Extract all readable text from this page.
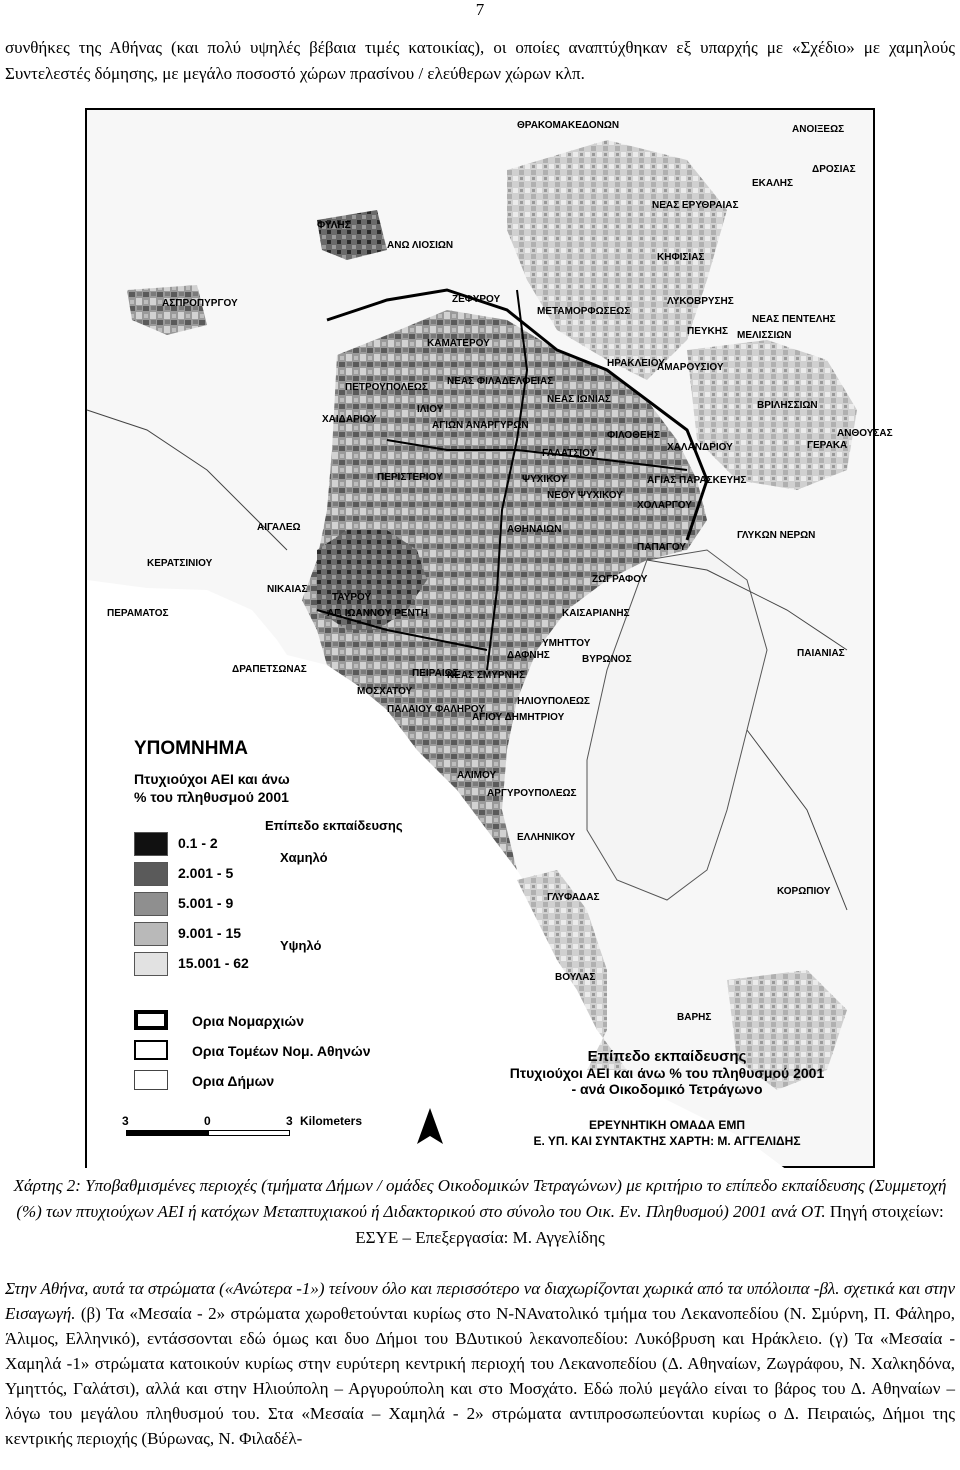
7
συνθήκες της Αθήνας (και πολύ υψηλές βέβαια τιμές κατοικίας), οι οποίες αναπτύχθηκαν εξ υπαρχής με «Σχέδιο» με χαμηλούς Συντελεστές δόμησης, με μεγάλο ποσοστό χώρων πρασίνου / ελεύθερων χώρων κλπ.
ΘΡΑΚΟΜΑΚΕΔΟΝΩΝ	ΑΝΟΙΞΕΩΣ
ΔΡΟΣΙΑΣ
ΕΚΑΛΗΣ
ΝΕΑΣ ΕΡΥΘΡΑΙΑΣ
ΦΥΛΗΣ
ΑΝΩ ΛΙΟΣΙΩΝ
ΚΗΦΙΣΙΑΣ
ΑΣΠΡΟΠΥΡΓΟΥ	ΖΕΦΥΡΟΥ	ΛΥΚΟΒΡΥΣΗΣ
ΜΕΤΑΜΟΡΦΩΣΕΩΣ
ΠΕΥΚΗΣ
ΝΕΑΣ ΠΕΝΤΕΛΗΣ
ΜΕΛΙΣΣΙΩΝ
ΚΑΜΑΤΕΡΟΥ
ΗΡΑΚΛΕΙΟΥ
ΑΜΑΡΟΥΣΙΟΥ
ΝΕΑΣ ΦΙΛΑΔΕΛΦΕΙΑΣ
ΠΕΤΡΟΥΠΟΛΕΩΣ
ΝΕΑΣ ΙΩΝΙΑΣ
ΒΡΙΛΗΣΣΙΩΝ
ΧΑΙΔΑΡΙΟΥ
ΙΛΙΟΥ
ΑΓΙΩΝ ΑΝΑΡΓΥΡΩΝ
ΦΙΛΟΘΕΗΣ	ΑΝΘΟΥΣΑΣ
ΓΑΛΑΤΣΙΟΥ
ΧΑΛΑΝΔΡΙΟΥ	ΓΕΡΑΚΑ
ΠΕΡΙΣΤΕΡΙΟΥ	ΨΥΧΙΚΟΥ	ΑΓΙΑΣ ΠΑΡΑΣΚΕΥΗΣ
ΝΕΟΥ ΨΥΧΙΚΟΥ
ΧΟΛΑΡΓΟΥ
ΑΙΓΑΛΕΩ	ΑΘΗΝΑΙΩΝ
ΓΛΥΚΩΝ ΝΕΡΩΝ
ΚΕΡΑΤΣΙΝΙΟΥ
ΠΑΠΑΓΟΥ
ΝΙΚΑΙΑΣ
ΖΩΓΡΑΦΟΥ
ΠΕΡΑΜΑΤΟΣ
ΤΑΥΡΟΥ
ΑΓ. ΙΩΑΝΝΟΥ ΡΕΝΤΗ	ΚΑΙΣΑΡΙΑΝΗΣ
ΠΑΙΑΝΙΑΣ
ΥΜΗΤΤΟΥ
ΔΑΦΝΗΣ
ΔΡΑΠΕΤΣΩΝΑΣ	ΠΕΙΡΑΙΩΣ
ΒΥΡΩΝΟΣ
ΜΟΣΧΑΤΟΥ
ΝΕΑΣ ΣΜΥΡΝΗΣ
ΠΑΛΑΙΟΥ ΦΑΛΗΡΟΥ
ΗΛΙΟΥΠΟΛΕΩΣ
ΑΓΙΟΥ ΔΗΜΗΤΡΙΟΥ
ΑΛΙΜΟΥ
ΑΡΓΥΡΟΥΠΟΛΕΩΣ
ΕΛΛΗΝΙΚΟΥ
ΚΟΡΩΠΙΟΥ
ΓΛΥΦΑΔΑΣ
ΒΟΥΛΑΣ
ΒΑΡΗΣ
ΥΠΟΜΝΗΜΑ
Πτυχιούχοι ΑΕΙ και άνω
% του πληθυσμού 2001
Επίπεδο εκπαίδευσης
0.1 - 2
2.001 - 5
5.001 - 9
9.001 - 15
15.001 - 62
Χαμηλό
Υψηλό
Ορια Νομαρχιών
Ορια Τομέων Νομ. Αθηνών
Ορια Δήμων
3	0	3 Kilometers
Επίπεδο εκπαίδευσης
Πτυχιούχοι ΑΕΙ και άνω % του πληθυσμού 2001
- ανά Οικοδομικό Τετράγωνο
ΕΡΕΥΝΗΤΙΚΗ ΟΜΑΔΑ ΕΜΠ
Ε. ΥΠ. ΚΑΙ ΣΥΝΤΑΚΤΗΣ ΧΑΡΤΗ: Μ. ΑΓΓΕΛΙΔΗΣ
Χάρτης 2: Υποβαθμισμένες περιοχές (τμήματα Δήμων / ομάδες Οικοδομικών Τετραγώνων) με κριτήριο το επίπεδο εκπαίδευσης (Συμμετοχή (%) των πτυχιούχων ΑΕΙ ή κατόχων Μεταπτυχιακού ή Διδακτορικού στο σύνολο του Οικ. Εν. Πληθυσμού) 2001 ανά ΟΤ. Πηγή στοιχείων: ΕΣΥΕ – Επεξεργασία: Μ. Αγγελίδης
Στην Αθήνα, αυτά τα στρώματα («Ανώτερα -1») τείνουν όλο και περισσότερο να διαχωρίζονται χωρικά από τα υπόλοιπα -βλ. σχετικά και στην Εισαγωγή. (β) Τα «Μεσαία - 2» στρώματα χωροθετούνται κυρίως στο Ν-ΝΑνατολικό τμήμα του Λεκανοπεδίου (Ν. Σμύρνη, Π. Φάληρο, Άλιμος, Ελληνικό), εντάσσονται εδώ όμως και δυο Δήμοι του ΒΔυτικού λεκανοπεδίου: Λυκόβρυση και Ηράκλειο. (γ) Τα «Μεσαία - Χαμηλά -1» στρώματα κατοικούν κυρίως στην ευρύτερη κεντρική περιοχή του Λεκανοπεδίου (Δ. Αθηναίων, Ζωγράφου, Ν. Χαλκηδόνα, Υμηττός, Γαλάτσι), αλλά και στην Ηλιούπολη – Αργυρούπολη και στο Μοσχάτο. Εδώ πολύ μεγάλο είναι το βάρος του Δ. Αθηναίων – λόγω του μεγάλου πληθυσμού του. Στα «Μεσαία – Χαμηλά - 2» στρώματα αντιπροσωπεύονται κυρίως ο Δ. Πειραιώς, Δήμοι της κεντρικής περιοχής (Βύρωνας, Ν. Φιλαδέλ-
